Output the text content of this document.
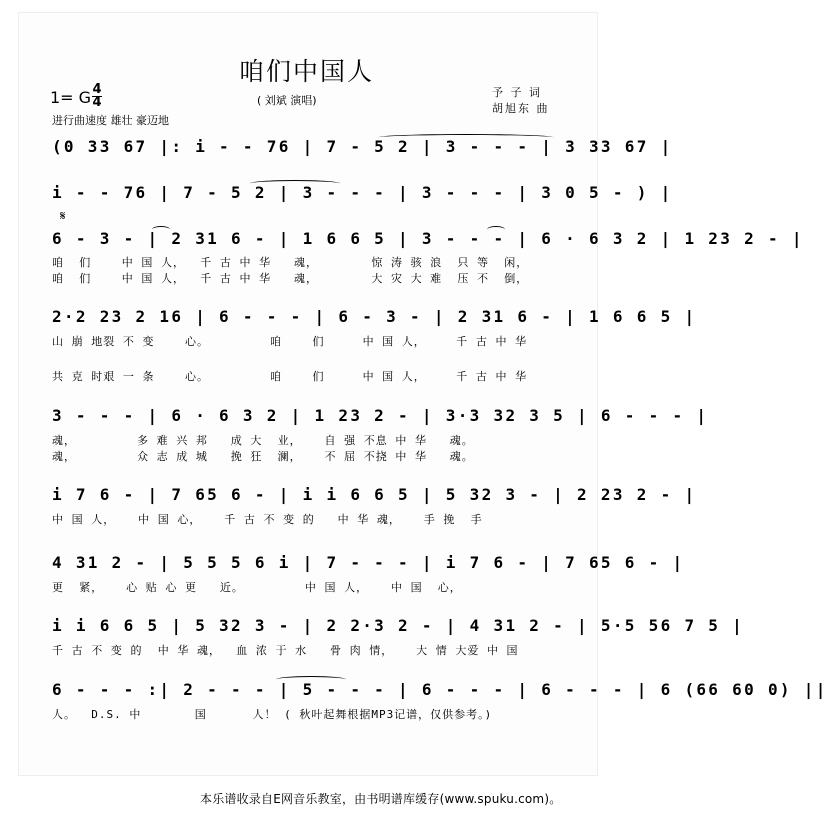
咱们中国人
1= G 4
4	( 刘斌 演唱)
予 子 词
胡旭东 曲
进行曲速度 雄壮 豪迈地
𝄋
(0 33 67 |: i - - 76 | 7 - 5 2 | 3 - - - | 3 33 67 |
i - - 76 | 7 - 5 2 | 3 - - - | 3 - - - | 3 0 5 - ) |
6 - 3 - | 2 31 6 - | 1 6 6 5 | 3 - - - | 6 · 6 3 2 | 1 23 2 - |
咱  们    中 国 人，  千 古 中 华   魂，       惊 涛 骇 浪  只 等  闲，
咱  们    中 国 人，  千 古 中 华   魂，       大 灾 大 难  压 不  倒，
2·2 23 2 16 | 6 - - - | 6 - 3 - | 2 31 6 - | 1 6 6 5 |
山 崩 地裂 不 变    心。        咱    们     中 国 人，    千 古 中 华
共 克 时艰 一 条    心。        咱    们     中 国 人，    千 古 中 华
3 - - - | 6 · 6 3 2 | 1 23 2 - | 3·3 32 3 5 | 6 - - - |
魂，        多 难 兴 邦   成 大  业，   自 强 不息 中 华   魂。
魂，        众 志 成 城   挽 狂  澜，   不 屈 不挠 中 华   魂。
i 7 6 - | 7 65 6 - | i i 6 6 5 | 5 32 3 - | 2 23 2 - |
中 国 人，   中 国 心，   千 古 不 变 的   中 华 魂，   手 挽  手
4 31 2 - | 5 5 5 6 i | 7 - - - | i 7 6 - | 7 65 6 - |
更  紧，   心 贴 心 更   近。        中 国 人，   中 国  心，
i i 6 6 5 | 5 32 3 - | 2 2·3 2 - | 4 31 2 - | 5·5 56 7 5 |
千 古 不 变 的  中 华 魂，  血 浓 于 水   骨 肉 情，   大 情 大爱 中 国
6 - - - :| 2 - - - | 5 - - - | 6 - - - | 6 - - - | 6 (66 60 0) ||
人。  D.S. 中       国      人！ ( 秋叶起舞根据MP3记谱，仅供参考。)
本乐谱收录自E网音乐教室，由书明谱库缓存(www.spuku.com)。
